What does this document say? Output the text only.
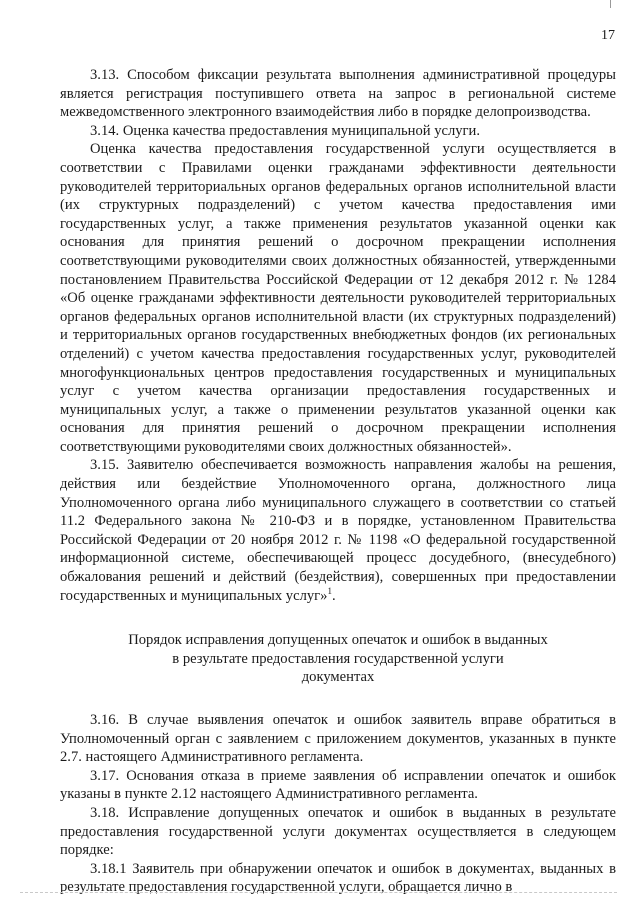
17

3.13. Способом фиксации результата выполнения административной процедуры является регистрация поступившего ответа на запрос в региональной системе межведомственного электронного взаимодействия либо в порядке делопроизводства.

3.14. Оценка качества предоставления муниципальной услуги.

Оценка качества предоставления государственной услуги осуществляется в соответствии с Правилами оценки гражданами эффективности деятельности руководителей территориальных органов федеральных органов исполнительной власти (их структурных подразделений) с учетом качества предоставления ими государственных услуг, а также применения результатов указанной оценки как основания для принятия решений о досрочном прекращении исполнения соответствующими руководителями своих должностных обязанностей, утвержденными постановлением Правительства Российской Федерации от 12 декабря 2012 г. № 1284 «Об оценке гражданами эффективности деятельности руководителей территориальных органов федеральных органов исполнительной власти (их структурных подразделений) и территориальных органов государственных внебюджетных фондов (их региональных отделений) с учетом качества предоставления государственных услуг, руководителей многофункциональных центров предоставления государственных и муниципальных услуг с учетом качества организации предоставления государственных и муниципальных услуг, а также о применении результатов указанной оценки как основания для принятия решений о досрочном прекращении исполнения соответствующими руководителями своих должностных обязанностей».

3.15. Заявителю обеспечивается возможность направления жалобы на решения, действия или бездействие Уполномоченного органа, должностного лица Уполномоченного органа либо муниципального служащего в соответствии со статьей 11.2 Федерального закона № 210-ФЗ и в порядке, установленном Правительства Российской Федерации от 20 ноября 2012 г. № 1198 «О федеральной государственной информационной системе, обеспечивающей процесс досудебного, (внесудебного) обжалования решений и действий (бездействия), совершенных при предоставлении государственных и муниципальных услуг»$^1$.

Порядок исправления допущенных опечаток и ошибок в выданных
в результате предоставления государственной услуги
документах

3.16. В случае выявления опечаток и ошибок заявитель вправе обратиться в Уполномоченный орган с заявлением с приложением документов, указанных в пункте 2.7. настоящего Административного регламента.

3.17. Основания отказа в приеме заявления об исправлении опечаток и ошибок указаны в пункте 2.12 настоящего Административного регламента.

3.18. Исправление допущенных опечаток и ошибок в выданных в результате предоставления государственной услуги документах осуществляется в следующем порядке:

3.18.1 Заявитель при обнаружении опечаток и ошибок в документах, выданных в результате предоставления государственной услуги, обращается лично в
